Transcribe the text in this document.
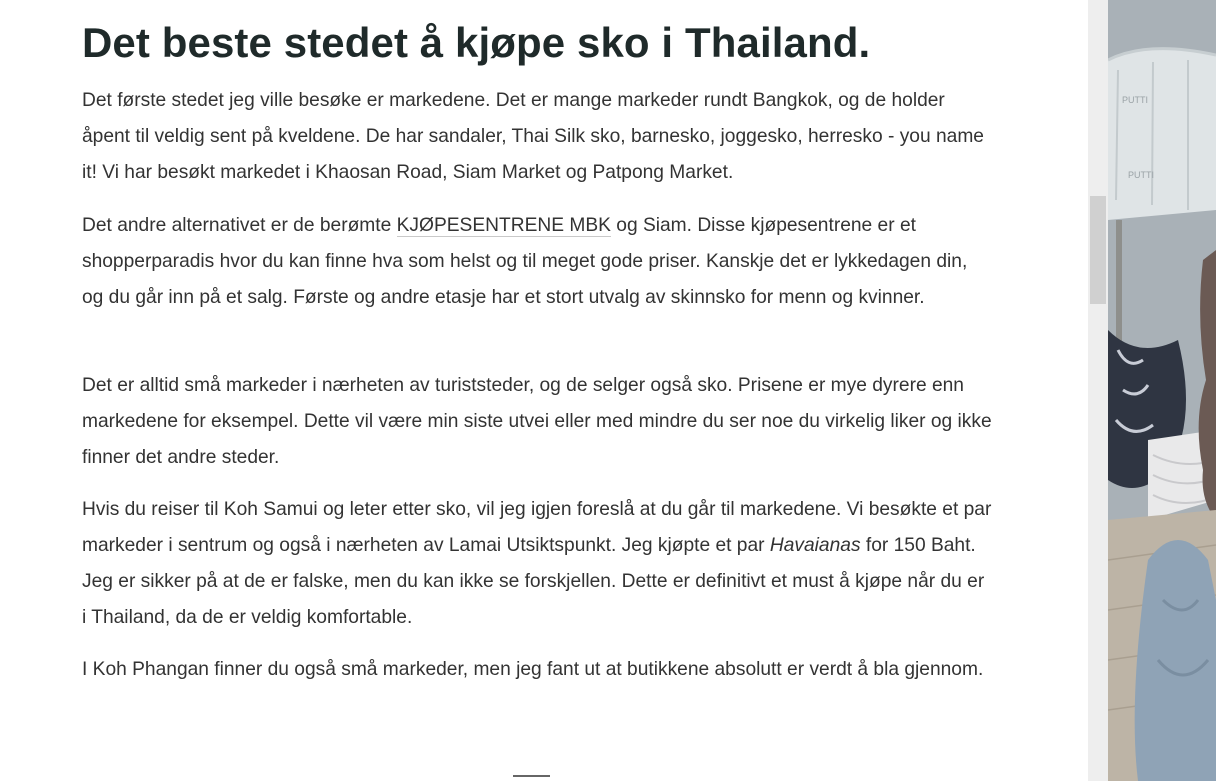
Det beste stedet å kjøpe sko i Thailand.

Det første stedet jeg ville besøke er markedene. Det er mange markeder rundt Bangkok, og de holder åpent til veldig sent på kveldene. De har sandaler, Thai Silk sko, barnesko, joggesko, herresko - you name it! Vi har besøkt markedet i Khaosan Road, Siam Market og Patpong Market.

Det andre alternativet er de berømte KJØPESENTRENE MBK og Siam. Disse kjøpesentrene er et shopperparadis hvor du kan finne hva som helst og til meget gode priser. Kanskje det er lykkedagen din, og du går inn på et salg. Første og andre etasje har et stort utvalg av skinnsko for menn og kvinner.

Det er alltid små markeder i nærheten av turiststeder, og de selger også sko. Prisene er mye dyrere enn markedene for eksempel. Dette vil være min siste utvei eller med mindre du ser noe du virkelig liker og ikke finner det andre steder.

Hvis du reiser til Koh Samui og leter etter sko, vil jeg igjen foreslå at du går til markedene. Vi besøkte et par markeder i sentrum og også i nærheten av Lamai Utsiktspunkt. Jeg kjøpte et par Havaianas for 150 Baht. Jeg er sikker på at de er falske, men du kan ikke se forskjellen. Dette er definitivt et must å kjøpe når du er i Thailand, da de er veldig komfortable.

I Koh Phangan finner du også små markeder, men jeg fant ut at butikkene absolutt er verdt å bla gjennom.

PUTTI
PUTTI
